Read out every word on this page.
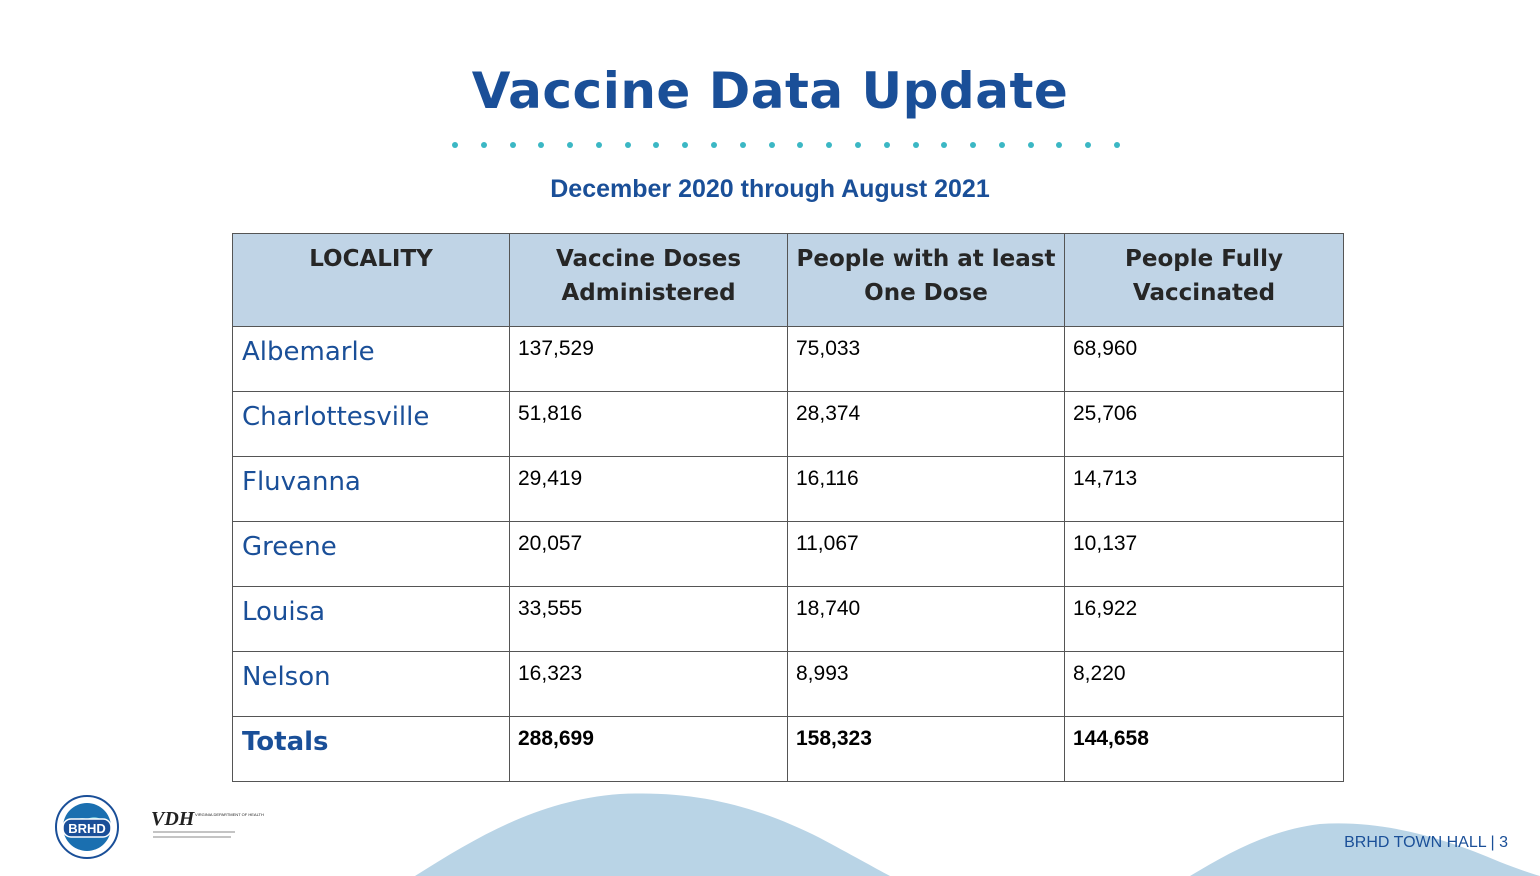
Vaccine Data Update
December 2020 through August 2021
LOCALITY	Vaccine Doses Administered	People with at least One Dose	People Fully Vaccinated
Albemarle	137,529	75,033	68,960
Charlottesville	51,816	28,374	25,706
Fluvanna	29,419	16,116	14,713
Greene	20,057	11,067	10,137
Louisa	33,555	18,740	16,922
Nelson	16,323	8,993	8,220
Totals	288,699	158,323	144,658
BRHD VDH VIRGINIA DEPARTMENT OF HEALTH
BRHD TOWN HALL | 3
